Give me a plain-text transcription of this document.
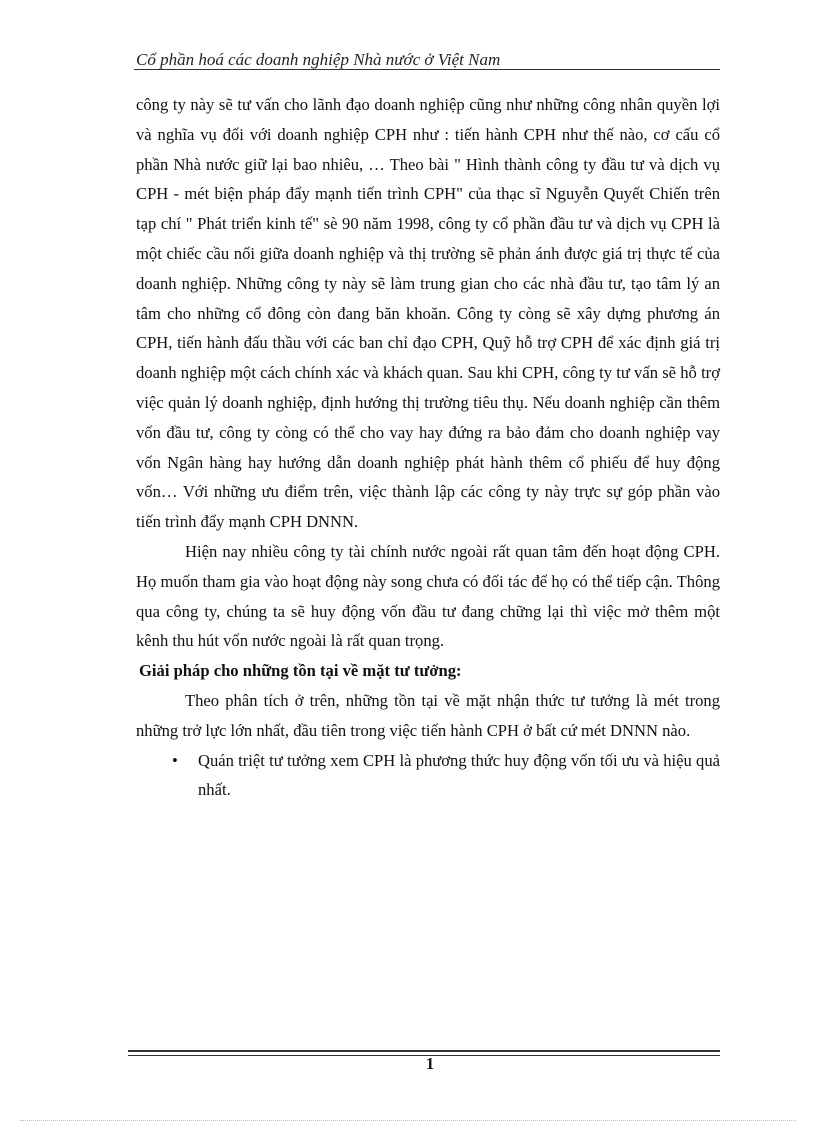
Cổ phần hoá các doanh nghiệp Nhà nước ở Việt Nam

công ty này sẽ tư vấn cho lãnh đạo doanh nghiệp cũng như những công nhân quyền lợi và nghĩa vụ đối với doanh nghiệp CPH như : tiến hành CPH như thế nào, cơ cấu cổ phần Nhà nước giữ lại bao nhiêu, … Theo bài " Hình thành công ty đầu tư và dịch vụ CPH - mét biện pháp đẩy mạnh tiến trình CPH" của thạc sĩ Nguyễn Quyết Chiến trên tạp chí " Phát triển kinh tế" sè 90 năm 1998, công ty cổ phần đầu tư và dịch vụ CPH là một chiếc cầu nối giữa doanh nghiệp và thị trường sẽ phản ánh được giá trị thực tế của doanh nghiệp. Những công ty này sẽ làm trung gian cho các nhà đầu tư, tạo tâm lý an tâm cho những cổ đông còn đang băn khoăn. Công ty còng sẽ xây dựng phương án CPH, tiến hành đấu thầu với các ban chỉ đạo CPH, Quỹ hỗ trợ CPH để xác định giá trị doanh nghiệp một cách chính xác và khách quan. Sau khi CPH, công ty tư vấn sẽ hỗ trợ việc quản lý doanh nghiệp, định hướng thị trường tiêu thụ. Nếu doanh nghiệp cần thêm vốn đầu tư, công ty còng có thể cho vay hay đứng ra bảo đảm cho doanh nghiệp vay vốn Ngân hàng hay hướng dẫn doanh nghiệp phát hành thêm cổ phiếu để huy động vốn… Với những ưu điểm trên, việc thành lập các công ty này trực sự góp phần vào tiến trình đẩy mạnh CPH DNNN.

Hiện nay nhiều công ty tài chính nước ngoài rất quan tâm đến hoạt động CPH. Họ muốn tham gia vào hoạt động này song chưa có đối tác để họ có thể tiếp cận. Thông qua công ty, chúng ta sẽ huy động vốn đầu tư đang chững lại thì việc mở thêm một kênh thu hút vốn nước ngoài là rất quan trọng.

Giải pháp cho những tồn tại về mặt tư tưởng:

Theo phân tích ở trên, những tồn tại về mặt nhận thức tư tưởng là mét trong những trở lực lớn nhất, đầu tiên trong việc tiến hành CPH ở bất cứ mét DNNN nào.

• Quán triệt tư tưởng xem CPH là phương thức huy động vốn tối ưu và hiệu quả nhất.
1
